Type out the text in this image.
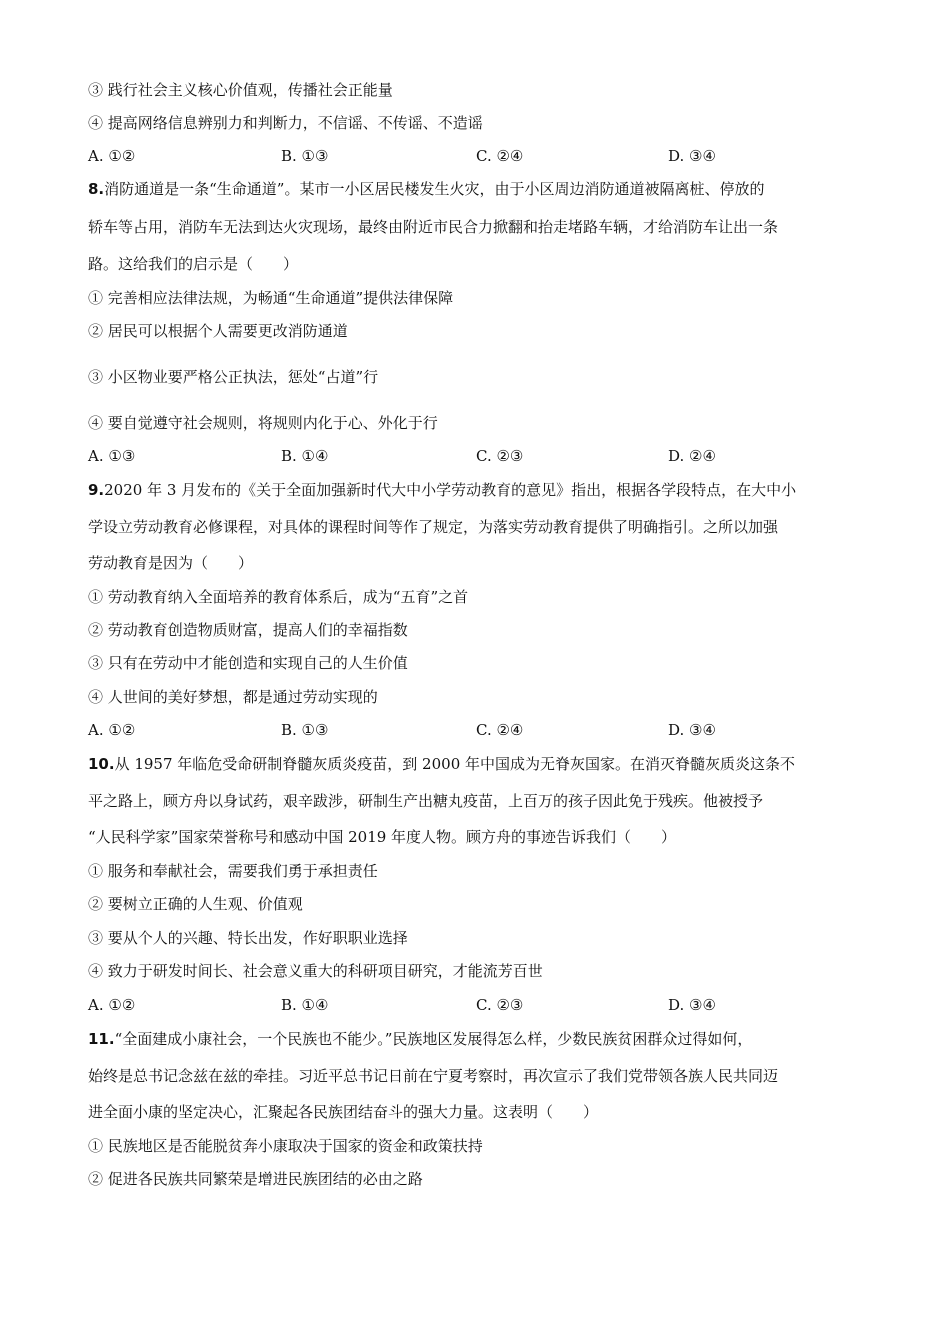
③ 践行社会主义核心价值观，传播社会正能量
④ 提高网络信息辨别力和判断力，不信谣、不传谣、不造谣
A. ①②	B. ①③	C. ②④	D. ③④
8.消防通道是一条“生命通道”。某市一小区居民楼发生火灾，由于小区周边消防通道被隔离桩、停放的
轿车等占用，消防车无法到达火灾现场，最终由附近市民合力掀翻和抬走堵路车辆，才给消防车让出一条
路。这给我们的启示是（　　）
① 完善相应法律法规，为畅通“生命通道”提供法律保障
② 居民可以根据个人需要更改消防通道
③ 小区物业要严格公正执法，惩处“占道”行
④ 要自觉遵守社会规则，将规则内化于心、外化于行
A. ①③	B. ①④	C. ②③	D. ②④
9.2020 年 3 月发布的《关于全面加强新时代大中小学劳动教育的意见》指出，根据各学段特点，在大中小
学设立劳动教育必修课程，对具体的课程时间等作了规定，为落实劳动教育提供了明确指引。之所以加强
劳动教育是因为（　　）
① 劳动教育纳入全面培养的教育体系后，成为“五育”之首
② 劳动教育创造物质财富，提高人们的幸福指数
③ 只有在劳动中才能创造和实现自己的人生价值
④ 人世间的美好梦想，都是通过劳动实现的
A. ①②	B. ①③	C. ②④	D. ③④
10.从 1957 年临危受命研制脊髓灰质炎疫苗，到 2000 年中国成为无脊灰国家。在消灭脊髓灰质炎这条不
平之路上，顾方舟以身试药，艰辛跋涉，研制生产出糖丸疫苗，上百万的孩子因此免于残疾。他被授予
“人民科学家”国家荣誉称号和感动中国 2019 年度人物。顾方舟的事迹告诉我们（　　）
① 服务和奉献社会，需要我们勇于承担责任
② 要树立正确的人生观、价值观
③ 要从个人的兴趣、特长出发，作好职职业选择
④ 致力于研发时间长、社会意义重大的科研项目研究，才能流芳百世
A. ①②	B. ①④	C. ②③	D. ③④
11.“全面建成小康社会，一个民族也不能少。”民族地区发展得怎么样，少数民族贫困群众过得如何，
始终是总书记念兹在兹的牵挂。习近平总书记日前在宁夏考察时，再次宣示了我们党带领各族人民共同迈
进全面小康的坚定决心，汇聚起各民族团结奋斗的强大力量。这表明（　　）
① 民族地区是否能脱贫奔小康取决于国家的资金和政策扶持
② 促进各民族共同繁荣是增进民族团结的必由之路
